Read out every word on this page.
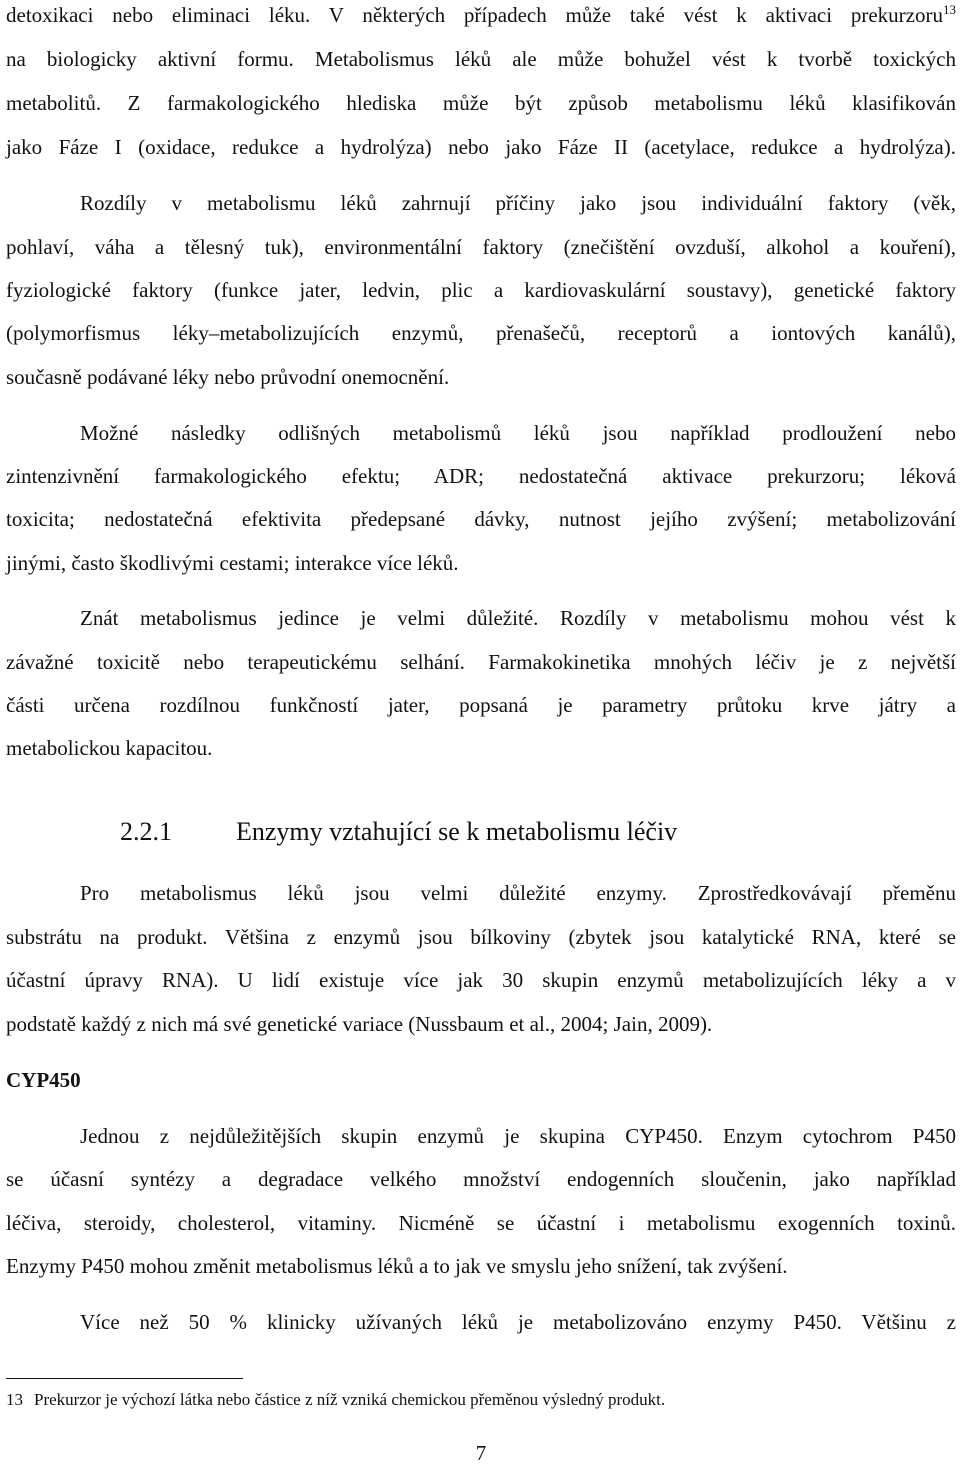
detoxikaci nebo eliminaci léku. V některých případech může také vést k aktivaci prekurzoru$^{13}$
na biologicky aktivní formu. Metabolismus léků ale může bohužel vést k tvorbě toxických
metabolitů. Z farmakologického hlediska může být způsob metabolismu léků klasifikován
jako Fáze I (oxidace, redukce a hydrolýza) nebo jako Fáze II (acetylace, redukce a hydrolýza).
Rozdíly v metabolismu léků zahrnují příčiny jako jsou individuální faktory (věk,
pohlaví, váha a tělesný tuk), environmentální faktory (znečištění ovzduší, alkohol a kouření),
fyziologické faktory (funkce jater, ledvin, plic a kardiovaskulární soustavy), genetické faktory
(polymorfismus léky–metabolizujících enzymů, přenašečů, receptorů a iontových kanálů),
současně podávané léky nebo průvodní onemocnění.
Možné následky odlišných metabolismů léků jsou například prodloužení nebo
zintenzivnění farmakologického efektu; ADR; nedostatečná aktivace prekurzoru; léková
toxicita; nedostatečná efektivita předepsané dávky, nutnost jejího zvýšení; metabolizování
jinými, často škodlivými cestami; interakce více léků.
Znát metabolismus jedince je velmi důležité. Rozdíly v metabolismu mohou vést k
závažné toxicitě nebo terapeutickému selhání. Farmakokinetika mnohých léčiv je z největší
části určena rozdílnou funkčností jater, popsaná je parametry průtoku krve játry a
metabolickou kapacitou.
2.2.1 Enzymy vztahující se k metabolismu léčiv
Pro metabolismus léků jsou velmi důležité enzymy. Zprostředkovávají přeměnu
substrátu na produkt. Většina z enzymů jsou bílkoviny (zbytek jsou katalytické RNA, které se
účastní úpravy RNA). U lidí existuje více jak 30 skupin enzymů metabolizujících léky a v
podstatě každý z nich má své genetické variace (Nussbaum et al., 2004; Jain, 2009).
CYP450
Jednou z nejdůležitějších skupin enzymů je skupina CYP450. Enzym cytochrom P450
se účasní syntézy a degradace velkého množství endogenních sloučenin, jako například
léčiva, steroidy, cholesterol, vitaminy. Nicméně se účastní i metabolismu exogenních toxinů.
Enzymy P450 mohou změnit metabolismus léků a to jak ve smyslu jeho snížení, tak zvýšení.
Více než 50 % klinicky užívaných léků je metabolizováno enzymy P450. Většinu z
13 Prekurzor je výchozí látka nebo částice z níž vzniká chemickou přeměnou výsledný produkt.
7
